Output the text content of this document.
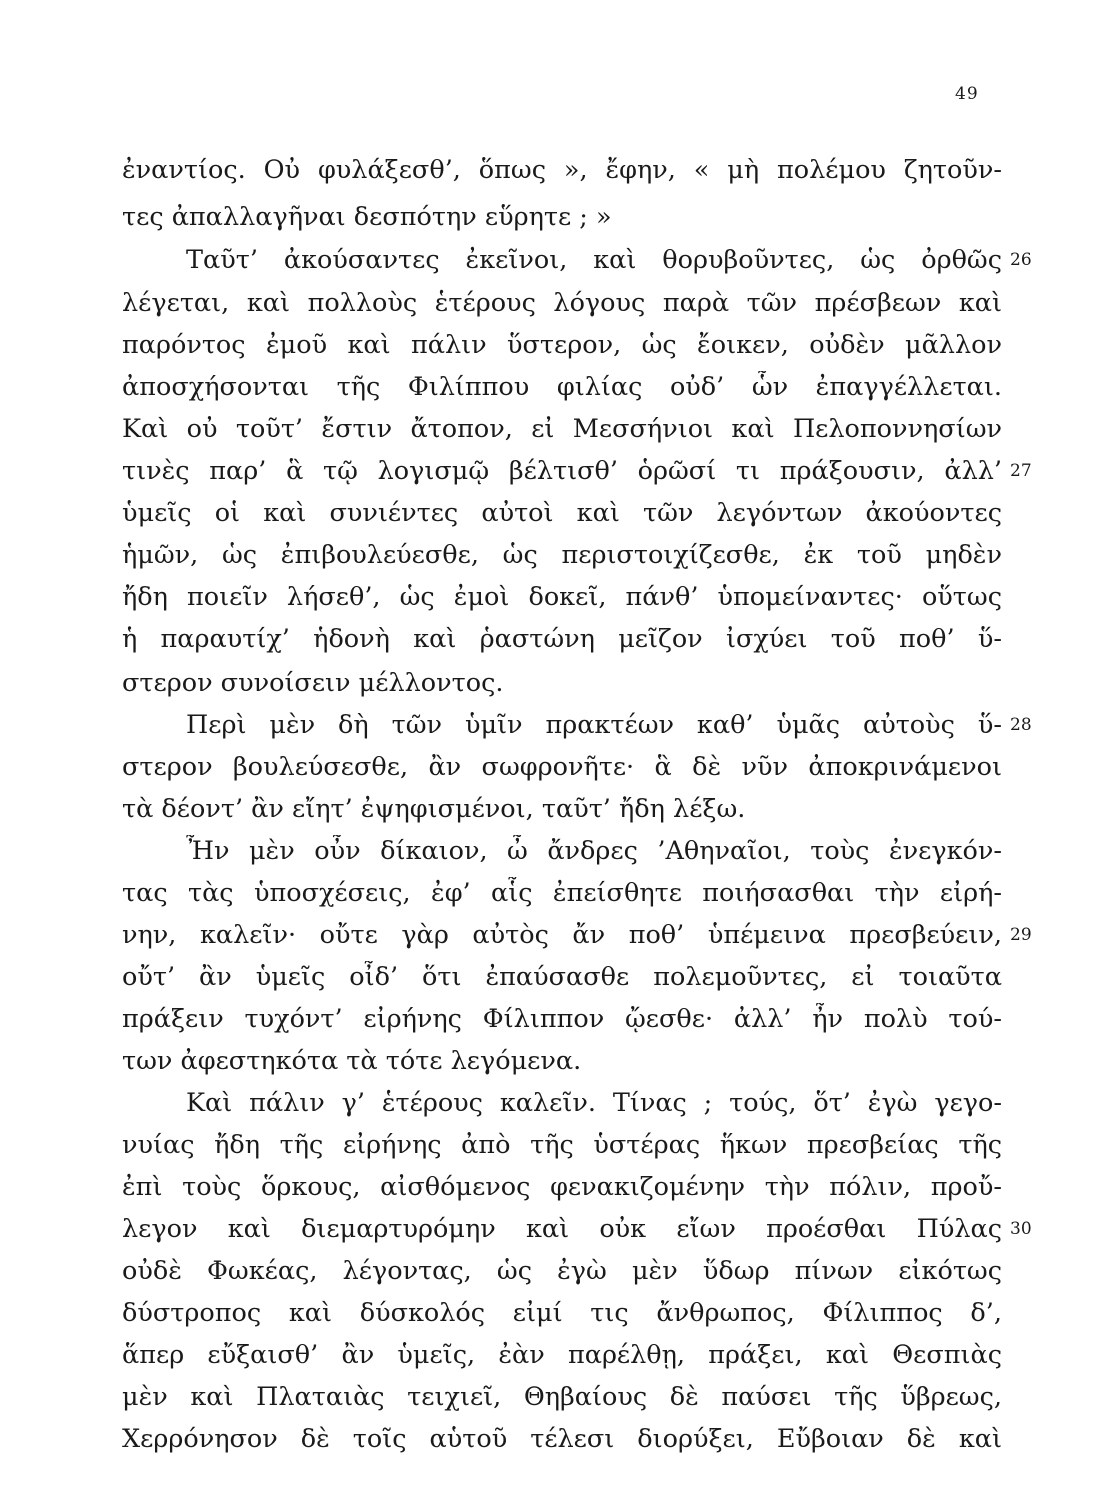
49
ἐναντίος. Οὐ φυλάξεσθ’, ὅπως », ἔφην, « μὴ πολέμου ζητοῦν-
τες ἀπαλλαγῆναι δεσπότην εὕρητε ; »
Ταῦτ’ ἀκούσαντες ἐκεῖνοι, καὶ θορυβοῦντες, ὡς ὀρθῶς
λέγεται, καὶ πολλοὺς ἑτέρους λόγους παρὰ τῶν πρέσβεων καὶ
παρόντος ἐμοῦ καὶ πάλιν ὕστερον, ὡς ἔοικεν, οὐδὲν μᾶλλον
ἀποσχήσονται τῆς Φιλίππου φιλίας οὐδ’ ὧν ἐπαγγέλλεται.
Καὶ οὐ τοῦτ’ ἔστιν ἄτοπον, εἰ Μεσσήνιοι καὶ Πελοποννησίων
τινὲς παρ’ ἃ τῷ λογισμῷ βέλτισθ’ ὁρῶσί τι πράξουσιν, ἀλλ’
ὑμεῖς οἱ καὶ συνιέντες αὐτοὶ καὶ τῶν λεγόντων ἀκούοντες
ἡμῶν, ὡς ἐπιβουλεύεσθε, ὡς περιστοιχίζεσθε, ἐκ τοῦ μηδὲν
ἤδη ποιεῖν λήσεθ’, ὡς ἐμοὶ δοκεῖ, πάνθ’ ὑπομείναντες· οὕτως
ἡ παραυτίχ’ ἡδονὴ καὶ ῥαστώνη μεῖζον ἰσχύει τοῦ ποθ’ ὕ-
στερον συνοίσειν μέλλοντος.
Περὶ μὲν δὴ τῶν ὑμῖν πρακτέων καθ’ ὑμᾶς αὐτοὺς ὕ-
στερον βουλεύσεσθε, ἂν σωφρονῆτε· ἃ δὲ νῦν ἀποκρινάμενοι
τὰ δέοντ’ ἂν εἴητ’ ἐψηφισμένοι, ταῦτ’ ἤδη λέξω.
Ἦν μὲν οὖν δίκαιον, ὦ ἄνδρες ’Αθηναῖοι, τοὺς ἐνεγκόν-
τας τὰς ὑποσχέσεις, ἐφ’ αἷς ἐπείσθητε ποιήσασθαι τὴν εἰρή-
νην, καλεῖν· οὔτε γὰρ αὐτὸς ἄν ποθ’ ὑπέμεινα πρεσβεύειν,
οὔτ’ ἂν ὑμεῖς οἶδ’ ὅτι ἐπαύσασθε πολεμοῦντες, εἰ τοιαῦτα
πράξειν τυχόντ’ εἰρήνης Φίλιππον ᾤεσθε· ἀλλ’ ἦν πολὺ τού-
των ἀφεστηκότα τὰ τότε λεγόμενα.
Καὶ πάλιν γ’ ἑτέρους καλεῖν. Τίνας ; τούς, ὅτ’ ἐγὼ γεγο-
νυίας ἤδη τῆς εἰρήνης ἀπὸ τῆς ὑστέρας ἥκων πρεσβείας τῆς
ἐπὶ τοὺς ὅρκους, αἰσθόμενος φενακιζομένην τὴν πόλιν, προὔ-
λεγον καὶ διεμαρτυρόμην καὶ οὐκ εἴων προέσθαι Πύλας
οὐδὲ Φωκέας, λέγοντας, ὡς ἐγὼ μὲν ὕδωρ πίνων εἰκότως
δύστροπος καὶ δύσκολός εἰμί τις ἄνθρωπος, Φίλιππος δ’,
ἅπερ εὔξαισθ’ ἂν ὑμεῖς, ἐὰν παρέλθῃ, πράξει, καὶ Θεσπιὰς
μὲν καὶ Πλαταιὰς τειχιεῖ, Θηβαίους δὲ παύσει τῆς ὕβρεως,
Χερρόνησον δὲ τοῖς αὑτοῦ τέλεσι διορύξει, Εὔβοιαν δὲ καὶ
26
27
28
29
30
